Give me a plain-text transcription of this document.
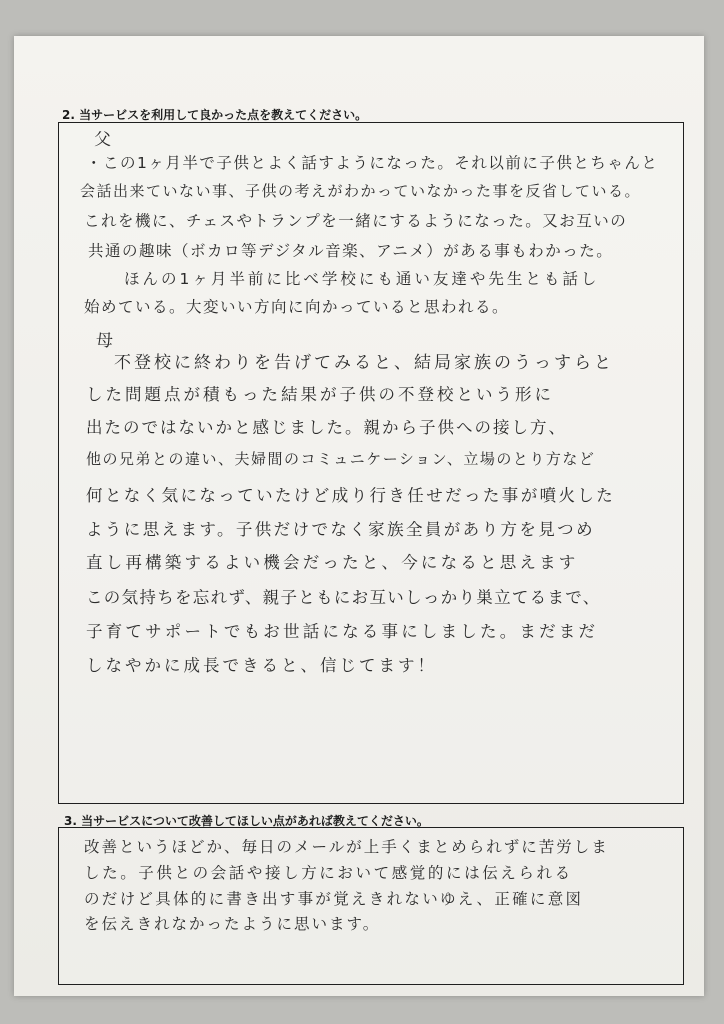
2. 当サービスを利用して良かった点を教えてください。
父
・この1ヶ月半で子供とよく話すようになった。それ以前に子供とちゃんと
会話出来ていない事、子供の考えがわかっていなかった事を反省している。
これを機に、チェスやトランプを一緒にするようになった。又お互いの
共通の趣味（ボカロ等デジタル音楽、アニメ）がある事もわかった。
ほんの1ヶ月半前に比べ学校にも通い友達や先生とも話し
始めている。大変いい方向に向かっていると思われる。
母
不登校に終わりを告げてみると、結局家族のうっすらと
した問題点が積もった結果が子供の不登校という形に
出たのではないかと感じました。親から子供への接し方、
他の兄弟との違い、夫婦間のコミュニケーション、立場のとり方など
何となく気になっていたけど成り行き任せだった事が噴火した
ように思えます。子供だけでなく家族全員があり方を見つめ
直し再構築するよい機会だったと、今になると思えます
この気持ちを忘れず、親子ともにお互いしっかり巣立てるまで、
子育てサポートでもお世話になる事にしました。まだまだ
しなやかに成長できると、信じてます！
3. 当サービスについて改善してほしい点があれば教えてください。
改善というほどか、毎日のメールが上手くまとめられずに苦労しま
した。子供との会話や接し方において感覚的には伝えられる
のだけど具体的に書き出す事が覚えきれないゆえ、正確に意図
を伝えきれなかったように思います。
